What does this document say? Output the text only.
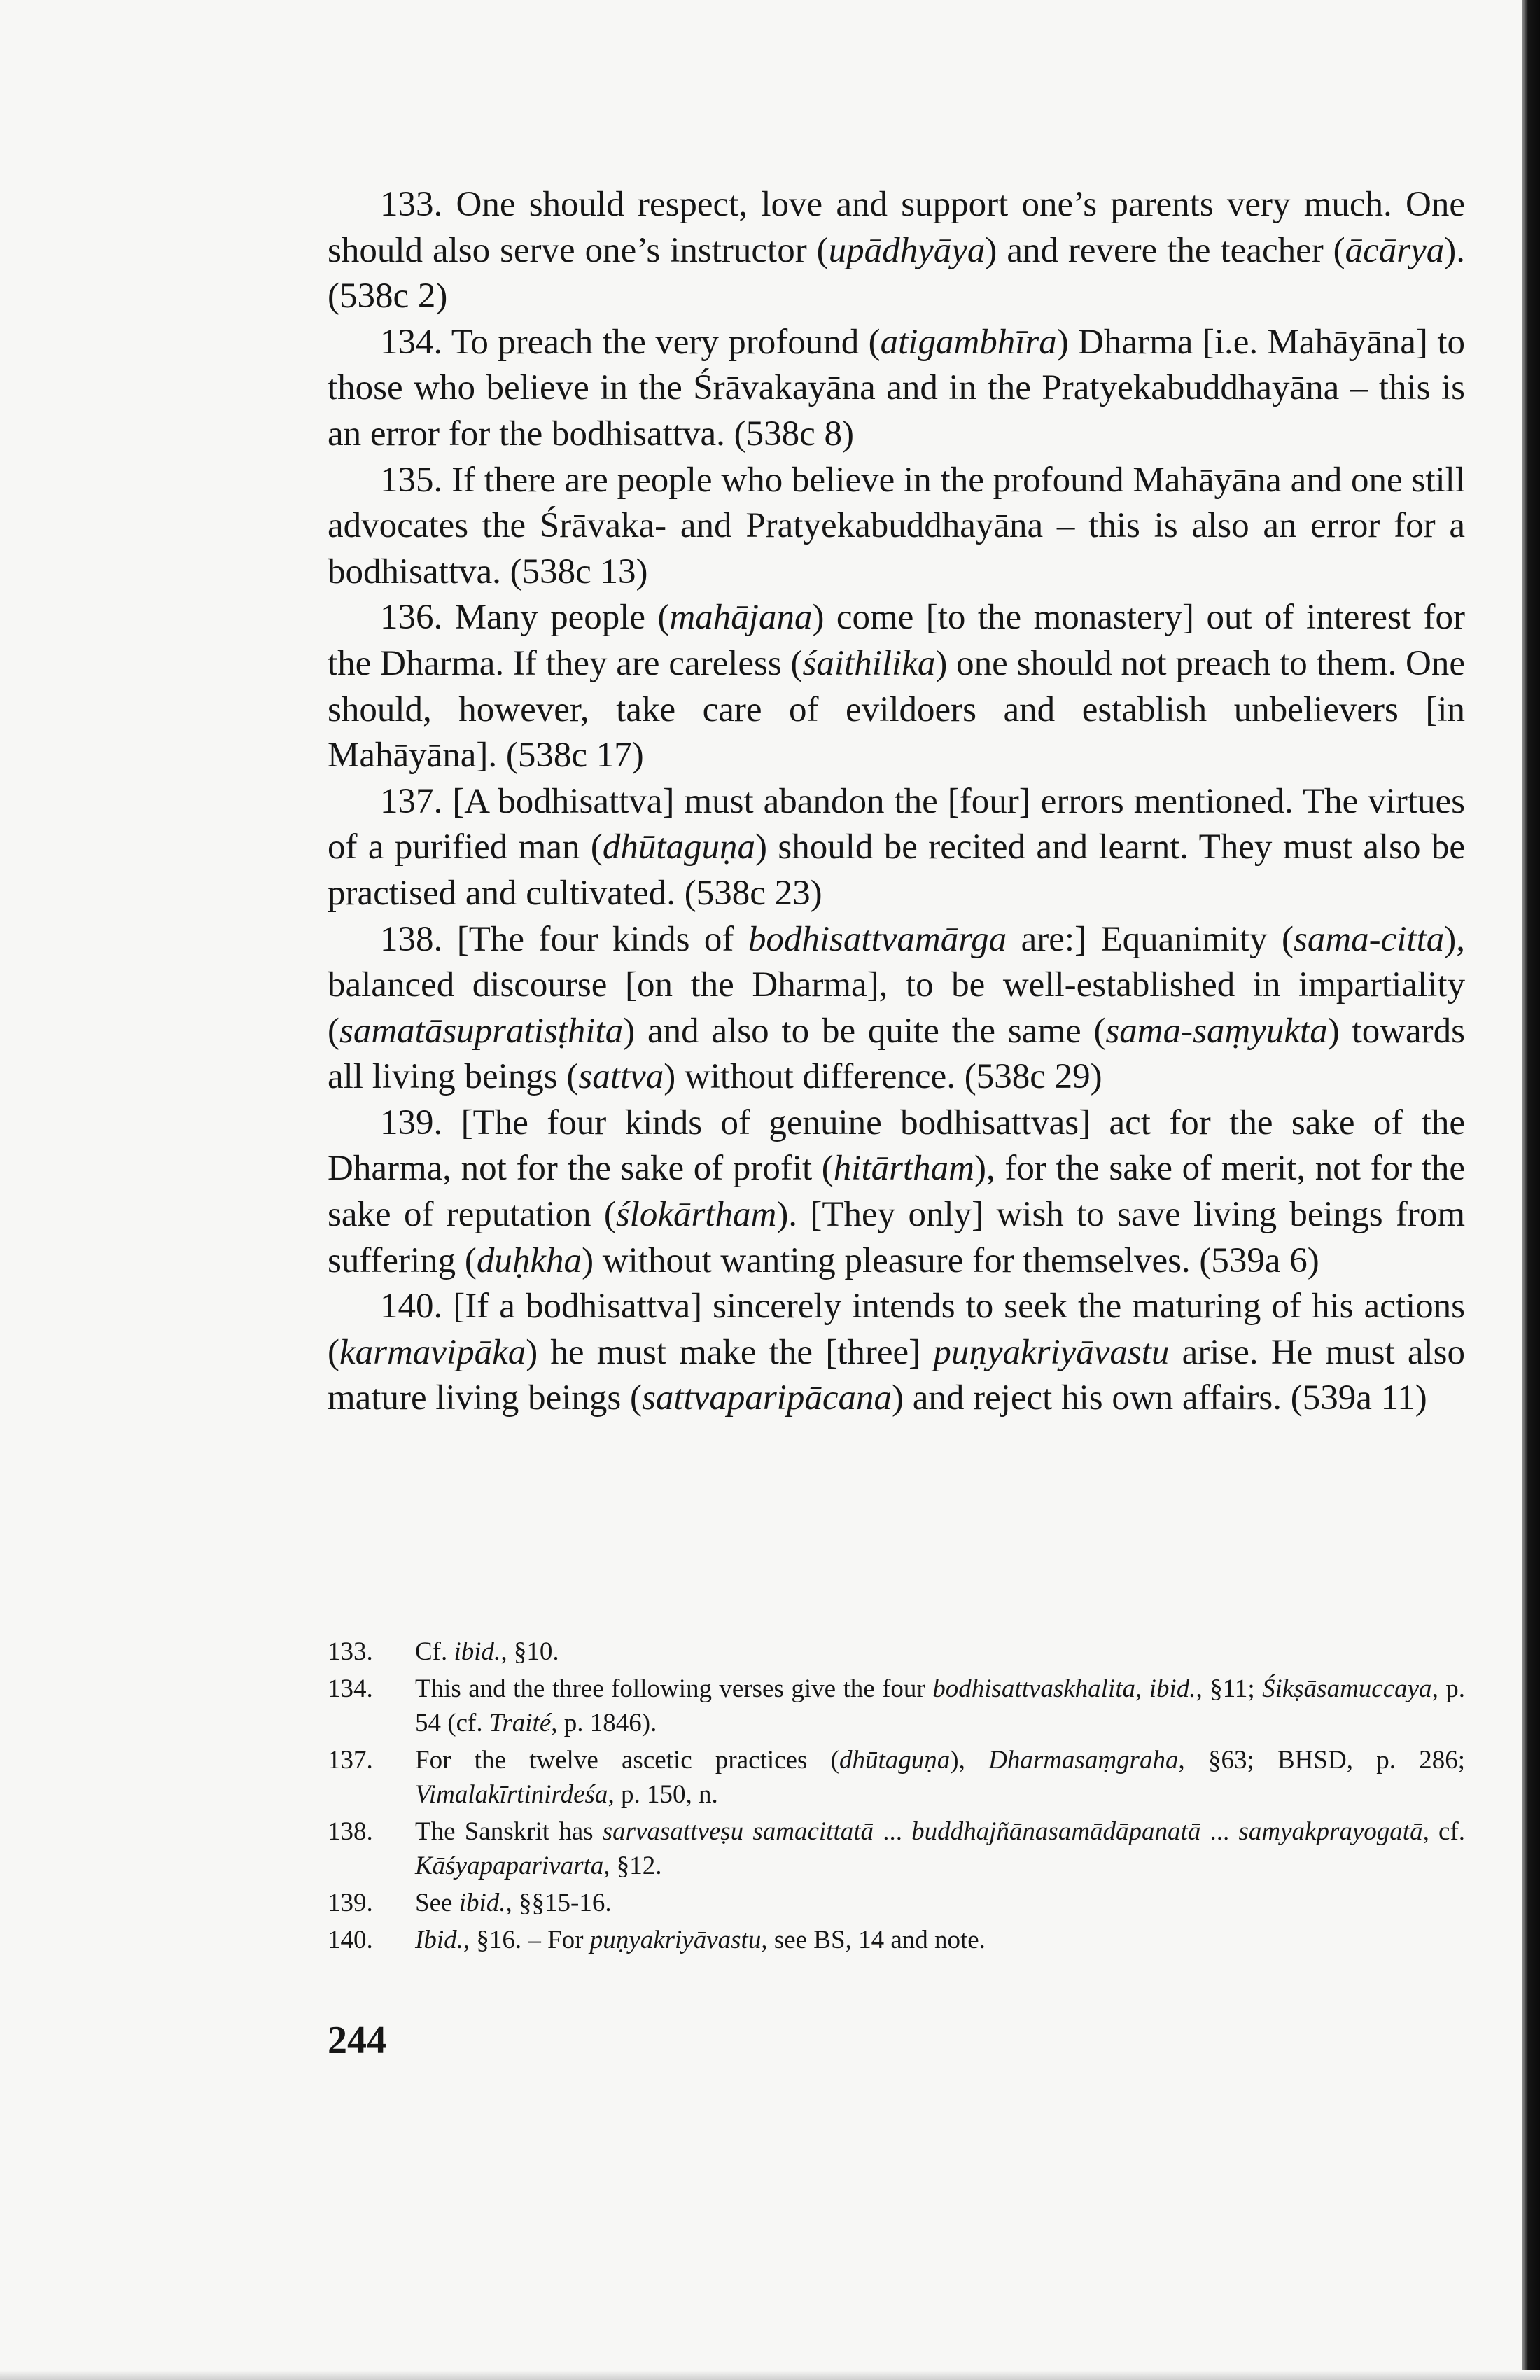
133. One should respect, love and support one’s parents very much. One should also serve one’s instructor (upādhyāya) and revere the teacher (ācārya). (538c 2)

134. To preach the very profound (atigambhīra) Dharma [i.e. Mahāyāna] to those who believe in the Śrāvakayāna and in the Pratyekabuddhayāna – this is an error for the bodhisattva. (538c 8)

135. If there are people who believe in the profound Mahāyāna and one still advocates the Śrāvaka- and Pratyekabuddhayāna – this is also an error for a bodhisattva. (538c 13)

136. Many people (mahājana) come [to the monastery] out of interest for the Dharma. If they are careless (śaithilika) one should not preach to them. One should, however, take care of evildoers and establish unbelievers [in Mahāyāna]. (538c 17)

137. [A bodhisattva] must abandon the [four] errors mentioned. The virtues of a purified man (dhūtaguṇa) should be recited and learnt. They must also be practised and cultivated. (538c 23)

138. [The four kinds of bodhisattvamārga are:] Equanimity (sama-citta), balanced discourse [on the Dharma], to be well-established in impartiality (samatāsupratisṭhita) and also to be quite the same (sama-saṃyukta) towards all living beings (sattva) without difference. (538c 29)

139. [The four kinds of genuine bodhisattvas] act for the sake of the Dharma, not for the sake of profit (hitārtham), for the sake of merit, not for the sake of reputation (ślokārtham). [They only] wish to save living beings from suffering (duḥkha) without wanting pleasure for themselves. (539a 6)

140. [If a bodhisattva] sincerely intends to seek the maturing of his actions (karmavipāka) he must make the [three] puṇyakriyāvastu arise. He must also mature living beings (sattvaparipācana) and reject his own affairs. (539a 11)

133. Cf. ibid., §10.

134. This and the three following verses give the four bodhisattvaskhalita, ibid., §11; Śikṣāsamuccaya, p. 54 (cf. Traité, p. 1846).

137. For the twelve ascetic practices (dhūtaguṇa), Dharmasaṃgraha, §63; BHSD, p. 286; Vimalakīrtinirdeśa, p. 150, n.

138. The Sanskrit has sarvasattveṣu samacittatā ... buddhajñānasamādāpanatā ... samyakprayogatā, cf. Kāśyapaparivarta, §12.

139. See ibid., §§15-16.

140. Ibid., §16. – For puṇyakriyāvastu, see BS, 14 and note.

244
